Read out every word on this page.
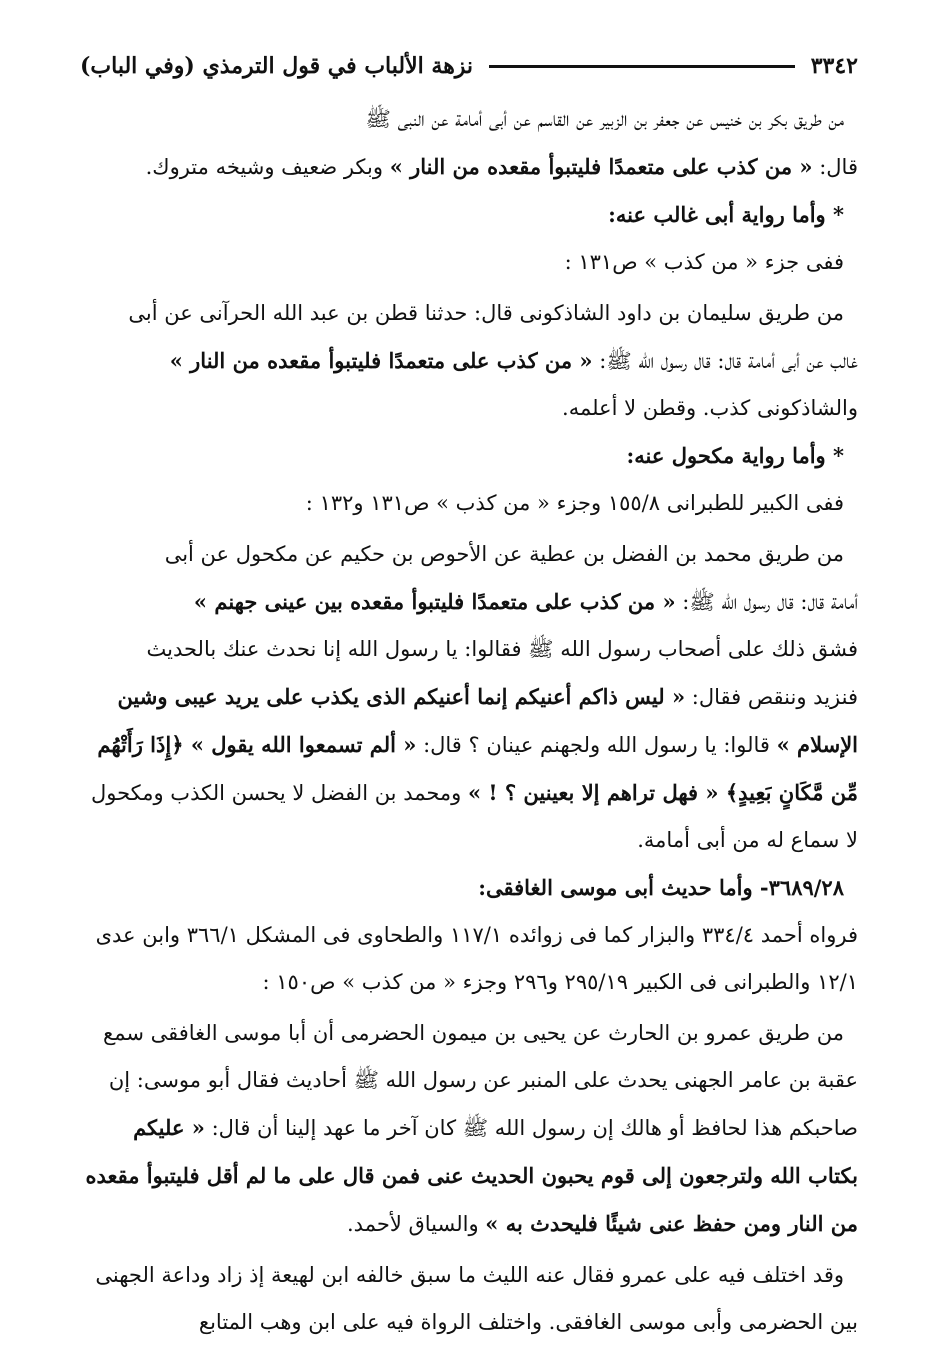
٣٣٤٢
نزهة الألباب في قول الترمذي (وفي الباب)

من طريق بكر بن خنيس عن جعفر بن الزبير عن القاسم عن أبى أمامة عن النبى ﷺ

قال: « من كذب على متعمدًا فليتبوأ مقعده من النار » وبكر ضعيف وشيخه متروك.

* وأما رواية أبى غالب عنه:

ففى جزء « من كذب » ص١٣١ :

من طريق سليمان بن داود الشاذكونى قال: حدثنا قطن بن عبد الله الحرآنى عن أبى

غالب عن أبى أمامة قال: قال رسول الله ﷺ: « من كذب على متعمدًا فليتبوأ مقعده من النار » والشاذكونى كذب. وقطن لا أعلمه.

* وأما رواية مكحول عنه:

ففى الكبير للطبرانى ١٥٥/٨ وجزء « من كذب » ص١٣١ و١٣٢ :

من طريق محمد بن الفضل بن عطية عن الأحوص بن حكيم عن مكحول عن أبى

أمامة قال: قال رسول الله ﷺ: « من كذب على متعمدًا فليتبوأ مقعده بين عينى جهنم »

فشق ذلك على أصحاب رسول الله ﷺ فقالوا: يا رسول الله إنا نحدث عنك بالحديث

فنزيد وننقص فقال: « ليس ذاكم أعنيكم إنما أعنيكم الذى يكذب على يريد عيبى وشين الإسلام » قالوا: يا رسول الله ولجهنم عينان ؟ قال: « ألم تسمعوا الله يقول » ﴿إِذَا رَأَتْهُم مِّن مَّكَانٍ بَعِيدٍ﴾ « فهل تراهم إلا بعينين ؟ ! » ومحمد بن الفضل لا يحسن الكذب ومكحول لا سماع له من أبى أمامة.

٣٦٨٩/٢٨- وأما حديث أبى موسى الغافقى:

فرواه أحمد ٣٣٤/٤ والبزار كما فى زوائده ١١٧/١ والطحاوى فى المشكل ٣٦٦/١ وابن عدى ١٢/١ والطبرانى فى الكبير ٢٩٥/١٩ و٢٩٦ وجزء « من كذب » ص١٥٠ :

من طريق عمرو بن الحارث عن يحيى بن ميمون الحضرمى أن أبا موسى الغافقى سمع عقبة بن عامر الجهنى يحدث على المنبر عن رسول الله ﷺ أحاديث فقال أبو موسى: إن صاحبكم هذا لحافظ أو هالك إن رسول الله ﷺ كان آخر ما عهد إلينا أن قال: « عليكم بكتاب الله ولترجعون إلى قوم يحبون الحديث عنى فمن قال على ما لم أقل فليتبوأ مقعده من النار ومن حفظ عنى شيئًا فليحدث به » والسياق لأحمد.

وقد اختلف فيه على عمرو فقال عنه الليث ما سبق خالفه ابن لهيعة إذ زاد وداعة الجهنى بين الحضرمى وأبى موسى الغافقى. واختلف الرواة فيه على ابن وهب المتابع
